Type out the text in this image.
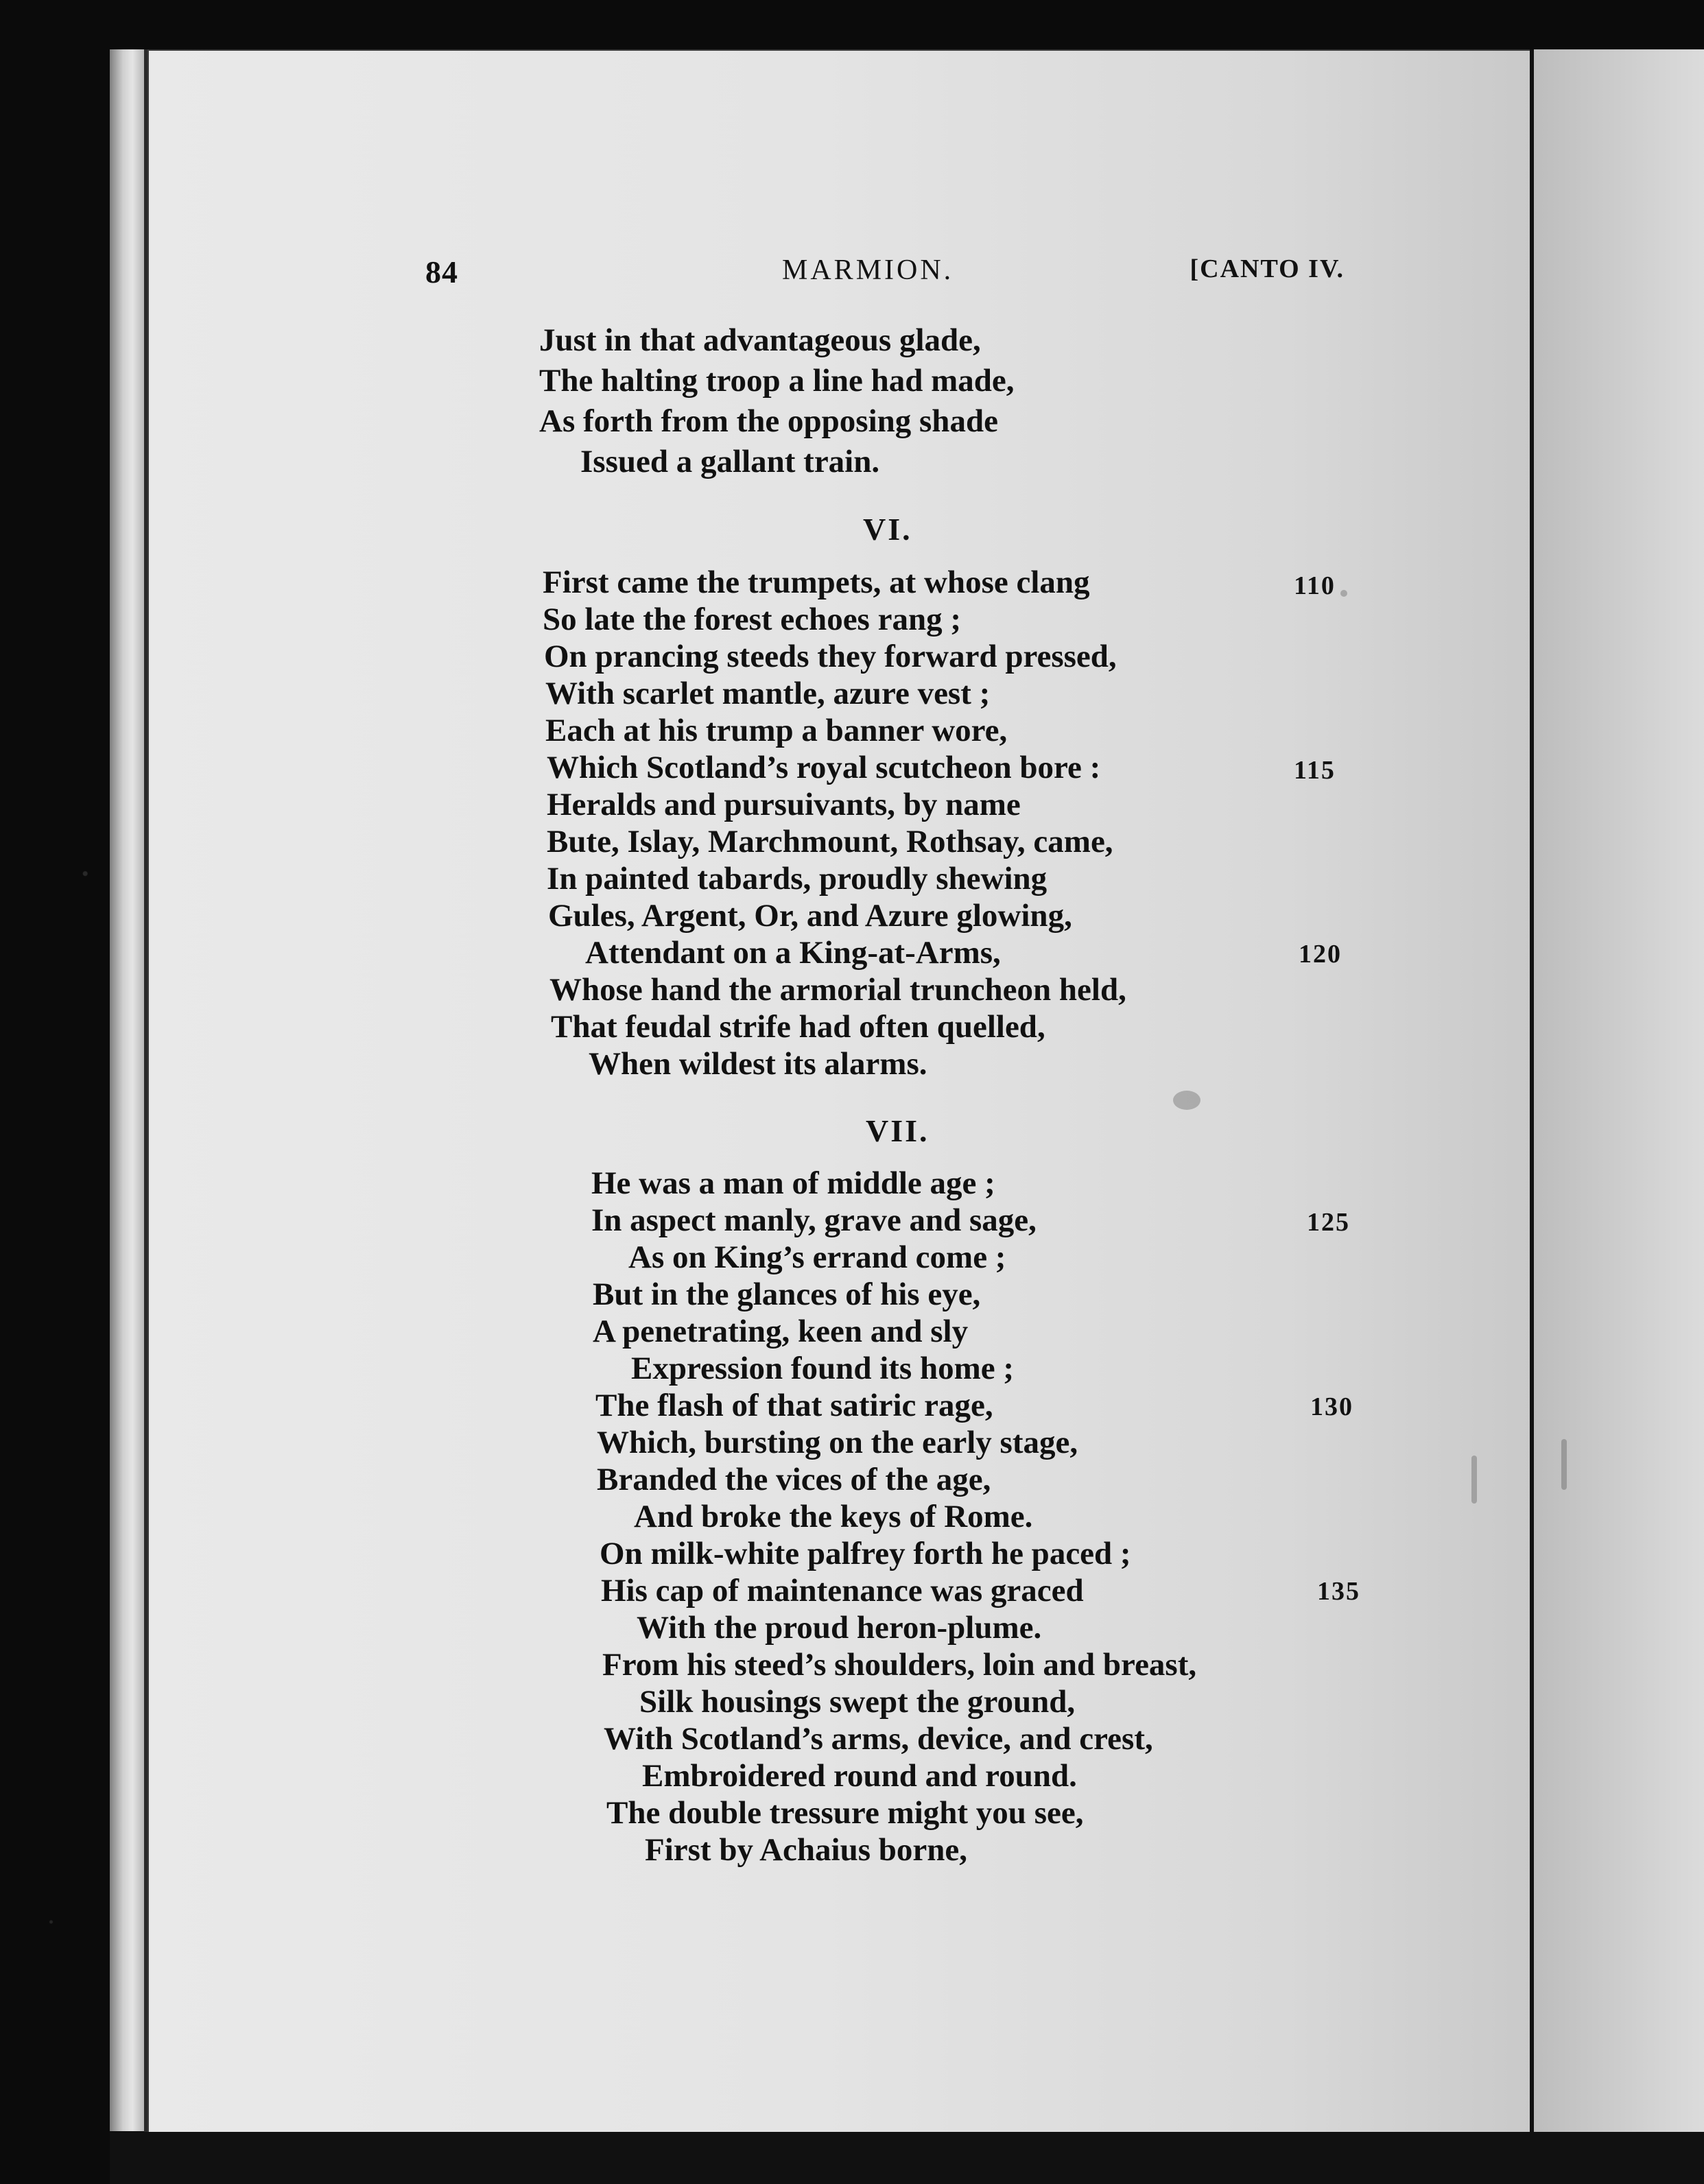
84	MARMION.	[CANTO IV.
Just in that advantageous glade,
The halting troop a line had made,
As forth from the opposing shade
Issued a gallant train.
VI.
First came the trumpets, at whose clang	110
So late the forest echoes rang ;
On prancing steeds they forward pressed,
With scarlet mantle, azure vest ;
Each at his trump a banner wore,
Which Scotland’s royal scutcheon bore :	115
Heralds and pursuivants, by name
Bute, Islay, Marchmount, Rothsay, came,
In painted tabards, proudly shewing
Gules, Argent, Or, and Azure glowing,
Attendant on a King-at-Arms,	120
Whose hand the armorial truncheon held,
That feudal strife had often quelled,
When wildest its alarms.
VII.
He was a man of middle age ;
In aspect manly, grave and sage,	125
As on King’s errand come ;
But in the glances of his eye,
A penetrating, keen and sly
Expression found its home ;
The flash of that satiric rage,	130
Which, bursting on the early stage,
Branded the vices of the age,
And broke the keys of Rome.
On milk-white palfrey forth he paced ;
His cap of maintenance was graced	135
With the proud heron-plume.
From his steed’s shoulders, loin and breast,
Silk housings swept the ground,
With Scotland’s arms, device, and crest,
Embroidered round and round.
The double tressure might you see,
First by Achaius borne,
